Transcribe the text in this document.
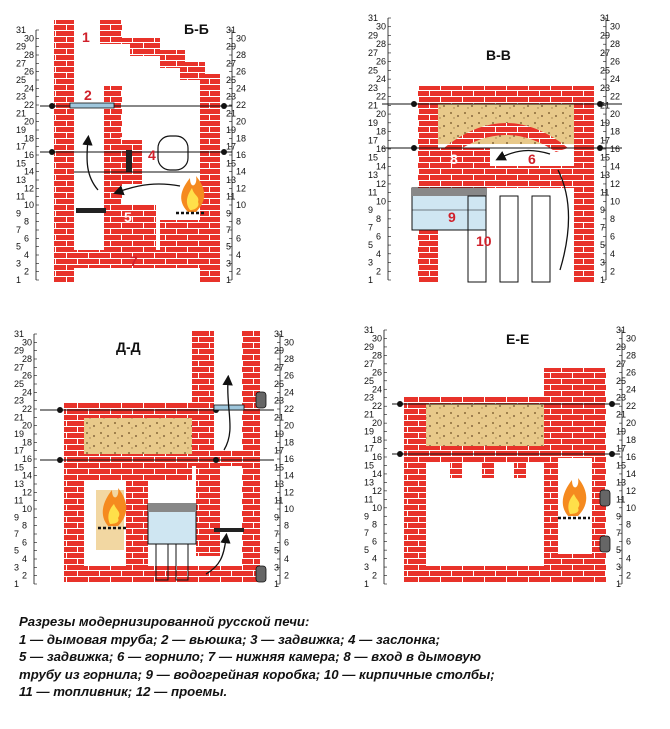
Б-Б
1
2
3
4
5
7
В-В
6
8
9
10
Д-Д	Е-Е
31
30
29
28
27
26
25
24
23
22
21
20
19
18
17
16
15
14
13
12
11
10
9
8
7
6
5
4
3
2
1
31
30
29
28
27
26
25
24
23
22
21
20
19
18
17
16
15
14
13
12
11
10
9
8
7
6
5
4
3
2
1
31
30
29
28
27
26
25
24
23
22
21
20
19
18
17
16
15
14
13
12
11
10
9
8
7
6
5
4
3
2
1
31
30
29
28
27
26
25
24
23
22
21
20
19
18
17
16
15
14
13
12
11
10
9
8
7
6
5
4
3
2
1
31
30
29
28
27
26
25
24
23
22
21
20
19
18
17
16
15
14
13
12
11
10
9
8
7
6
5
4
3
2
1
31
30
29
28
27
26
25
24
23
22
21
20
19
18
17
16
15
14
13
12
11
10
9
8
7
6
5
4
3
2
1
31
30
29
28
27
26
25
24
23
22
21
20
19
18
17
16
15
14
13
12
11
10
9
8
7
6
5
4
3
2
1
31
30
29
28
27
26
25
24
23
22
21
20
19
18
17
16
15
14
13
12
11
10
9
8
7
6
5
4
3
2
1
Разрезы модернизированной русской печи:
1 — дымовая труба; 2 — вьюшка; 3 — задвижка; 4 — заслонка;
5 — задвижка; 6 — горнило; 7 — нижняя камера; 8 — вход в дымовую
трубу из горнила; 9 — водогрейная коробка; 10 — кирпичные столбы;
11 — топливник; 12 — проемы.
